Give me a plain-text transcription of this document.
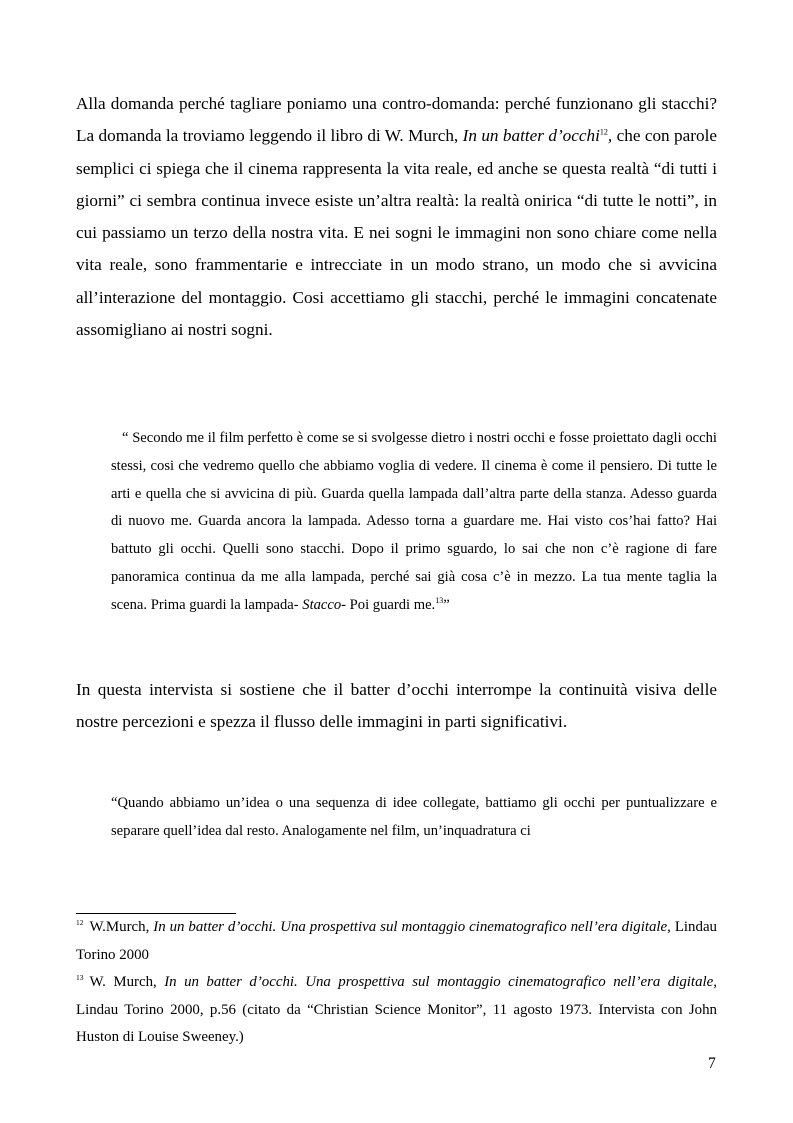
Alla domanda perché tagliare poniamo una contro-domanda: perché funzionano gli stacchi? La domanda la troviamo leggendo il libro di W. Murch, In un batter d’occhi$^{12}$, che con parole semplici ci spiega che il cinema rappresenta la vita reale, ed anche se questa realtà “di tutti i giorni” ci sembra continua invece esiste un’altra realtà: la realtà onirica “di tutte le notti”, in cui passiamo un terzo della nostra vita. E nei sogni le immagini non sono chiare come nella vita reale, sono frammentarie e intrecciate in un modo strano, un modo che si avvicina all’interazione del montaggio. Cosi accettiamo gli stacchi, perché le immagini concatenate assomigliano ai nostri sogni.

“ Secondo me il film perfetto è come se si svolgesse dietro i nostri occhi e fosse proiettato dagli occhi stessi, cosi che vedremo quello che abbiamo voglia di vedere. Il cinema è come il pensiero. Di tutte le arti e quella che si avvicina di più. Guarda quella lampada dall’altra parte della stanza. Adesso guarda di nuovo me. Guarda ancora la lampada. Adesso torna a guardare me. Hai visto cos’hai fatto? Hai battuto gli occhi. Quelli sono stacchi. Dopo il primo sguardo, lo sai che non c’è ragione di fare panoramica continua da me alla lampada, perché sai già cosa c’è in mezzo. La tua mente taglia la scena. Prima guardi la lampada- Stacco- Poi guardi me.$^{13}$”

In questa intervista si sostiene che il batter d’occhi interrompe la continuità visiva delle nostre percezioni e spezza il flusso delle immagini in parti significativi.

“Quando abbiamo un’idea o una sequenza di idee collegate, battiamo gli occhi per puntualizzare e separare quell’idea dal resto. Analogamente nel film, un’inquadratura ci

$^{12}$ W.Murch, In un batter d’occhi. Una prospettiva sul montaggio cinematografico nell’era digitale, Lindau Torino 2000

$^{13}$ W. Murch, In un batter d’occhi. Una prospettiva sul montaggio cinematografico nell’era digitale, Lindau Torino 2000, p.56 (citato da “Christian Science Monitor”, 11 agosto 1973. Intervista con John Huston di Louise Sweeney.)

7
